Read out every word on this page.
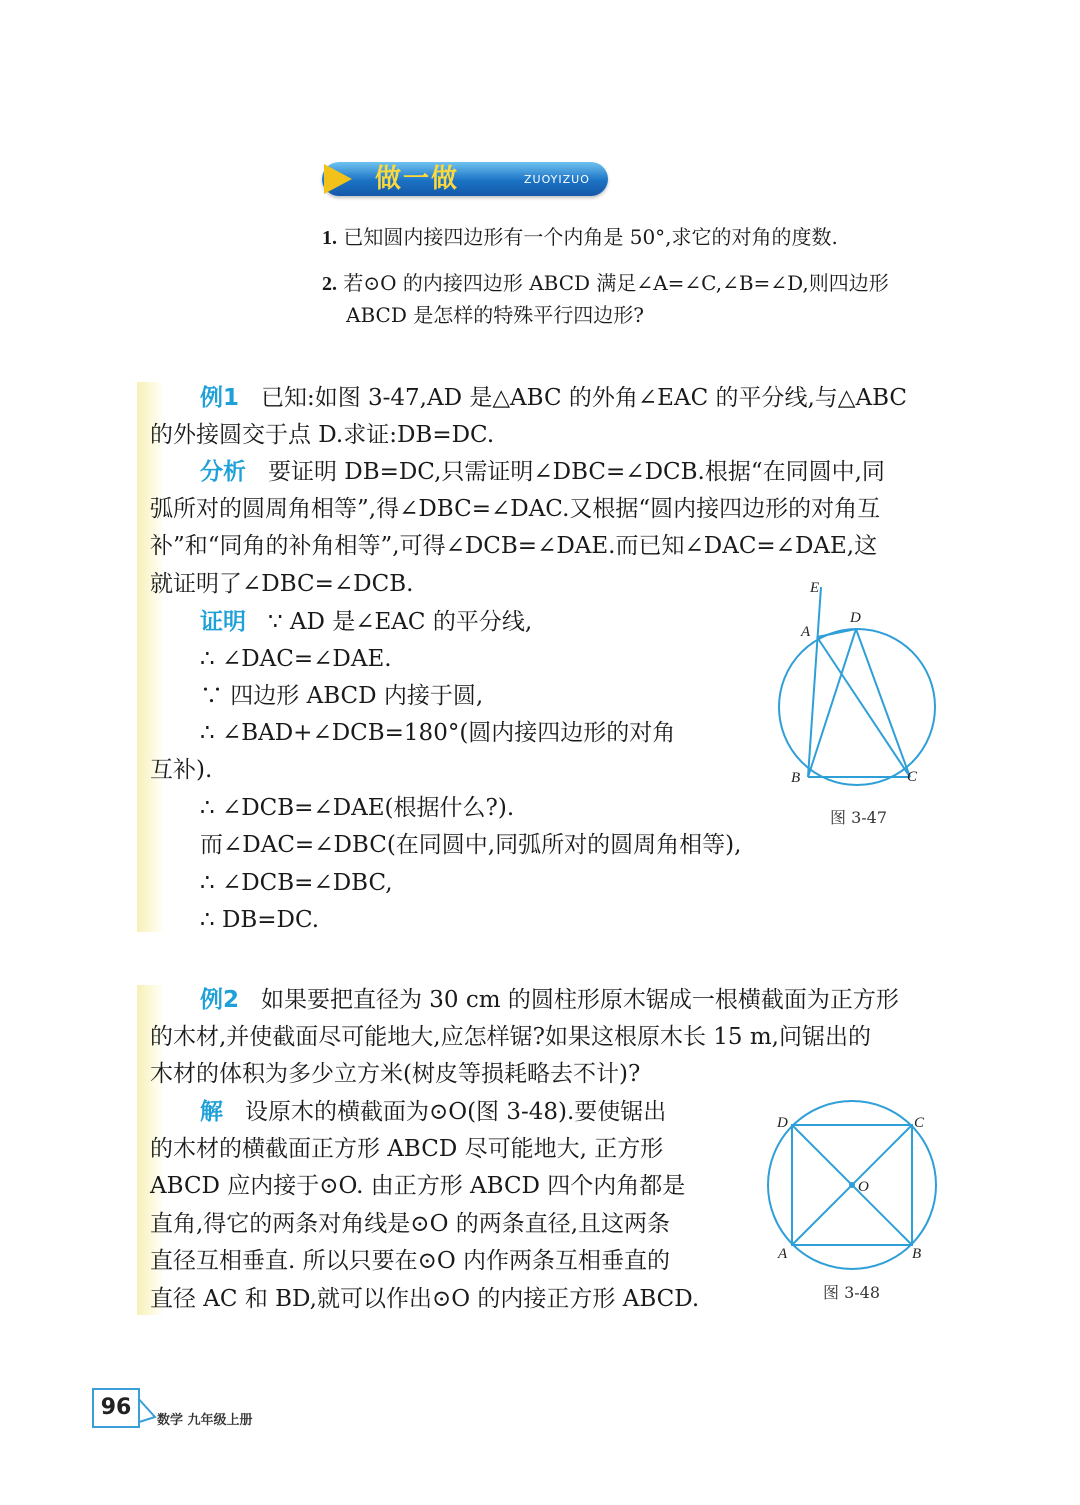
做一做	ZUOYIZUO
1. 已知圆内接四边形有一个内角是 50°,求它的对角的度数.
2. 若⊙O 的内接四边形 ABCD 满足∠A=∠C,∠B=∠D,则四边形
ABCD 是怎样的特殊平行四边形?
例1 已知:如图 3-47,AD 是△ABC 的外角∠EAC 的平分线,与△ABC
的外接圆交于点 D.求证:DB=DC.
分析 要证明 DB=DC,只需证明∠DBC=∠DCB.根据“在同圆中,同
弧所对的圆周角相等”,得∠DBC=∠DAC.又根据“圆内接四边形的对角互
补”和“同角的补角相等”,可得∠DCB=∠DAE.而已知∠DAC=∠DAE,这
就证明了∠DBC=∠DCB.
证明 ∵ AD 是∠EAC 的平分线,
∴ ∠DAC=∠DAE.
∵ 四边形 ABCD 内接于圆,
∴ ∠BAD+∠DCB=180°(圆内接四边形的对角
互补).
∴ ∠DCB=∠DAE(根据什么?).
而∠DAC=∠DBC(在同圆中,同弧所对的圆周角相等),
∴ ∠DCB=∠DBC,
∴ DB=DC.
E
A
D
B	C
图 3-47
例2 如果要把直径为 30 cm 的圆柱形原木锯成一根横截面为正方形
的木材,并使截面尽可能地大,应怎样锯?如果这根原木长 15 m,问锯出的
木材的体积为多少立方米(树皮等损耗略去不计)?
解 设原木的横截面为⊙O(图 3-48).要使锯出
的木材的横截面正方形 ABCD 尽可能地大, 正方形
ABCD 应内接于⊙O. 由正方形 ABCD 四个内角都是
直角,得它的两条对角线是⊙O 的两条直径,且这两条
直径互相垂直. 所以只要在⊙O 内作两条互相垂直的
直径 AC 和 BD,就可以作出⊙O 的内接正方形 ABCD.
D	C
O
A	B
图 3-48
96
数学 九年级上册
